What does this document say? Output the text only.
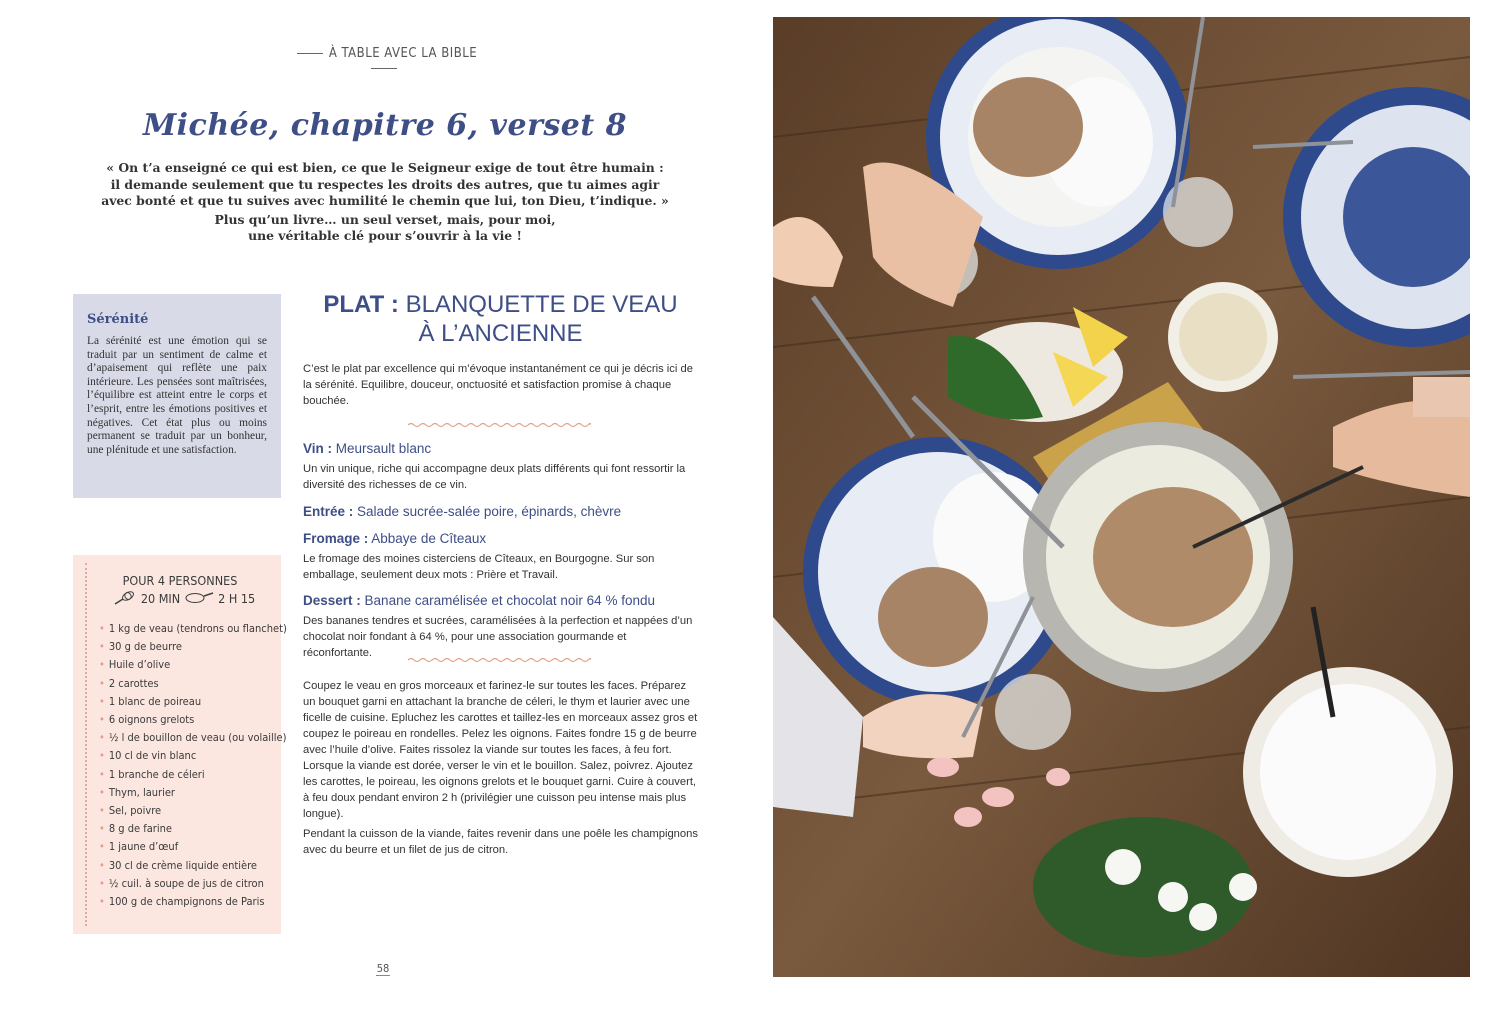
À TABLE AVEC LA BIBLE
Michée, chapitre 6, verset 8
« On t’a enseigné ce qui est bien, ce que le Seigneur exige de tout être humain :
il demande seulement que tu respectes les droits des autres, que tu aimes agir
avec bonté et que tu suives avec humilité le chemin que lui, ton Dieu, t’indique. »
Plus qu’un livre… un seul verset, mais, pour moi,
une véritable clé pour s’ouvrir à la vie !
Sérénité

La sérénité est une émotion qui se traduit par un sentiment de calme et d’apaisement qui reflète une paix intérieure. Les pensées sont maîtrisées, l’équilibre est atteint entre le corps et l’esprit, entre les émotions positives et négatives. Cet état plus ou moins permanent se traduit par un bonheur, une plénitude et une satisfaction.

POUR 4 PERSONNES
20 MIN	2 H 15
• 1 kg de veau (tendrons ou flanchet)
• 30 g de beurre
• Huile d’olive
• 2 carottes
• 1 blanc de poireau
• 6 oignons grelots
• ½ l de bouillon de veau (ou volaille)
• 10 cl de vin blanc
• 1 branche de céleri
• Thym, laurier
• Sel, poivre
• 8 g de farine
• 1 jaune d’œuf
• 30 cl de crème liquide entière
• ½ cuil. à soupe de jus de citron
• 100 g de champignons de Paris
PLAT : BLANQUETTE DE VEAU
À L’ANCIENNE

C’est le plat par excellence qui m’évoque instantanément ce qui je décris ici de la sérénité. Equilibre, douceur, onctuosité et satisfaction promise à chaque bouchée.

Vin : Meursault blanc

Un vin unique, riche qui accompagne deux plats différents qui font ressortir la diversité des richesses de ce vin.

Entrée : Salade sucrée-salée poire, épinards, chèvre

Fromage : Abbaye de Cîteaux

Le fromage des moines cisterciens de Cîteaux, en Bourgogne. Sur son emballage, seulement deux mots : Prière et Travail.

Dessert : Banane caramélisée et chocolat noir 64 % fondu

Des bananes tendres et sucrées, caramélisées à la perfection et nappées d’un chocolat noir fondant à 64 %, pour une association gourmande et réconfortante.

Coupez le veau en gros morceaux et farinez-le sur toutes les faces. Préparez un bouquet garni en attachant la branche de céleri, le thym et laurier avec une ficelle de cuisine. Epluchez les carottes et taillez-les en morceaux assez gros et coupez le poireau en rondelles. Pelez les oignons. Faites fondre 15 g de beurre avec l’huile d’olive. Faites rissolez la viande sur toutes les faces, à feu fort. Lorsque la viande est dorée, verser le vin et le bouillon. Salez, poivrez. Ajoutez les carottes, le poireau, les oignons grelots et le bouquet garni. Cuire à couvert, à feu doux pendant environ 2 h (privilégier une cuisson peu intense mais plus longue).

Pendant la cuisson de la viande, faites revenir dans une poêle les champignons avec du beurre et un filet de jus de citron.

58
